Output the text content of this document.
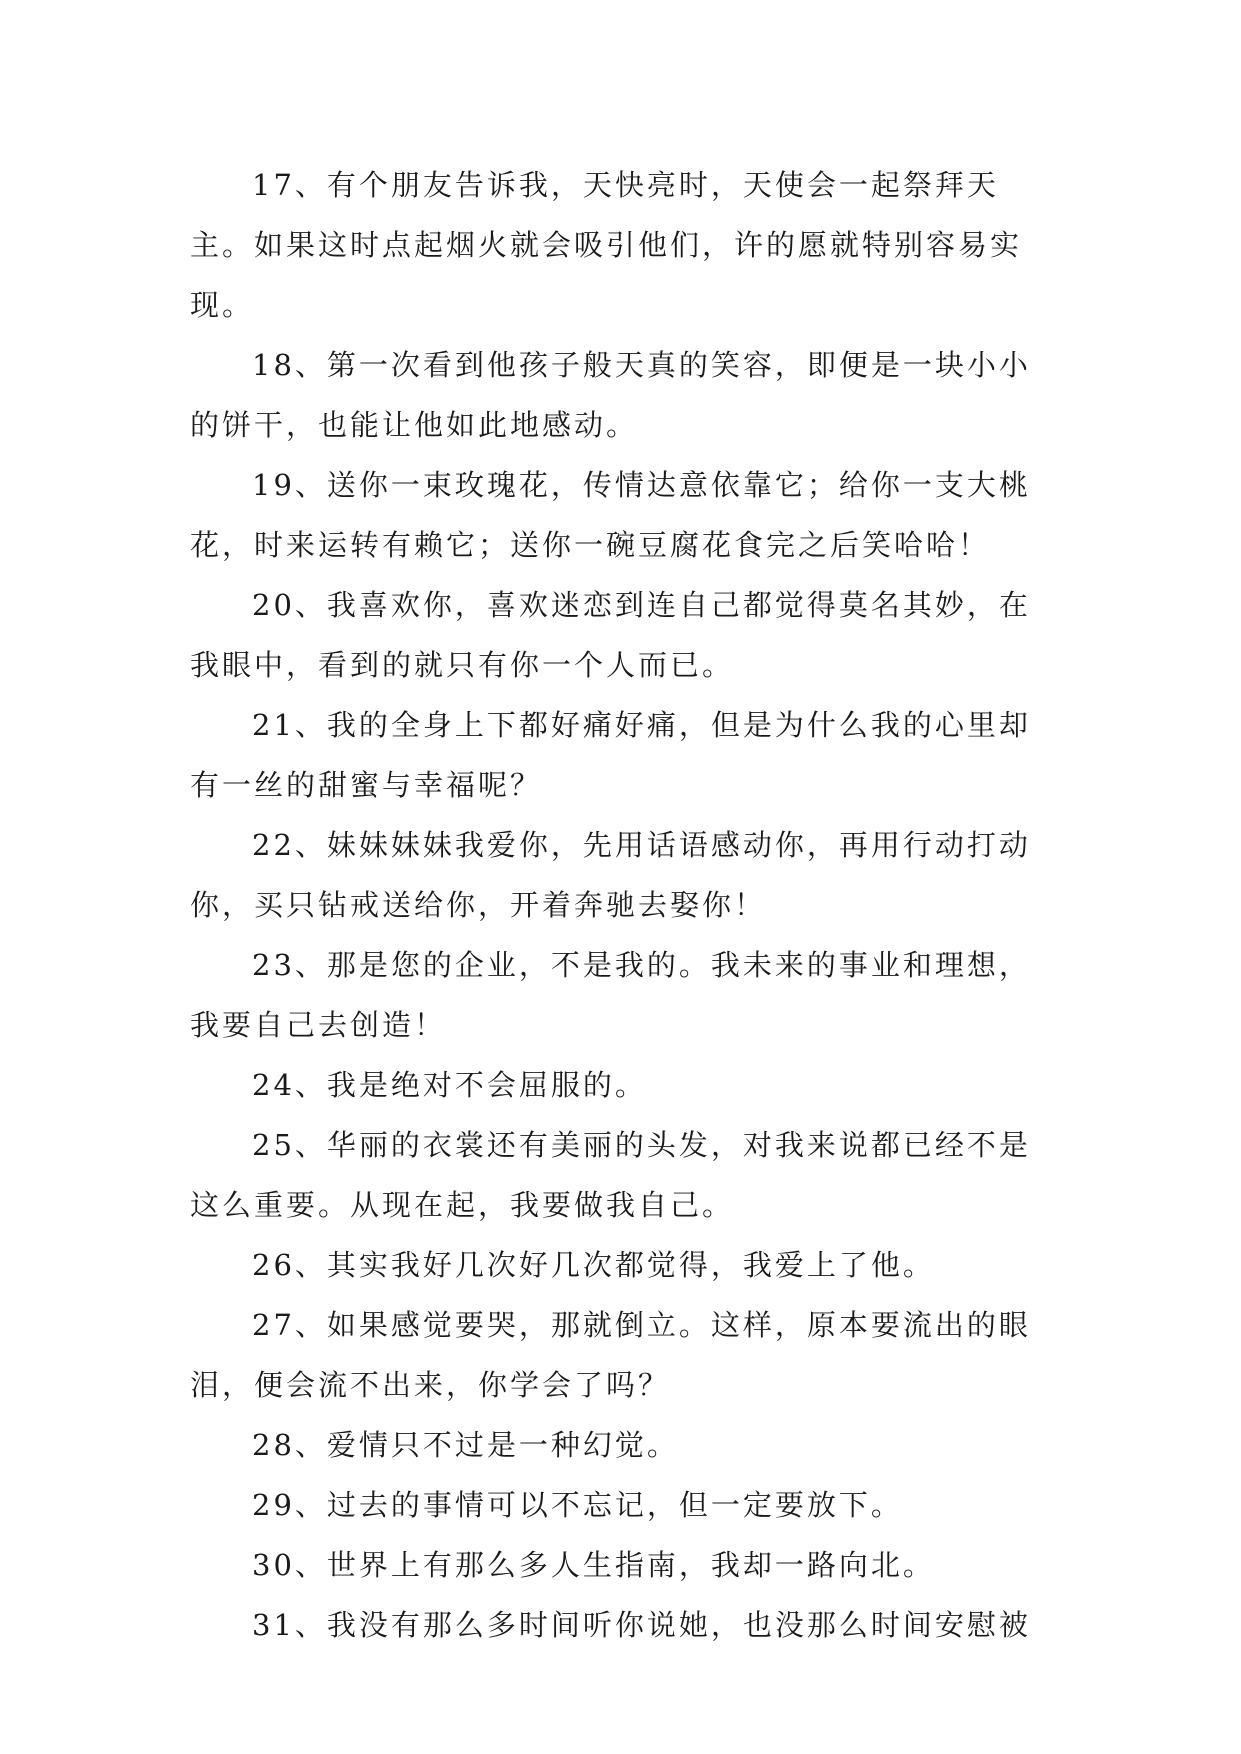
17、有个朋友告诉我，天快亮时，天使会一起祭拜天主。如果这时点起烟火就会吸引他们，许的愿就特别容易实现。

18、第一次看到他孩子般天真的笑容，即便是一块小小的饼干，也能让他如此地感动。

19、送你一束玫瑰花，传情达意依靠它；给你一支大桃花，时来运转有赖它；送你一碗豆腐花食完之后笑哈哈！

20、我喜欢你，喜欢迷恋到连自己都觉得莫名其妙，在我眼中，看到的就只有你一个人而已。

21、我的全身上下都好痛好痛，但是为什么我的心里却有一丝的甜蜜与幸福呢？

22、妹妹妹妹我爱你，先用话语感动你，再用行动打动你，买只钻戒送给你，开着奔驰去娶你！

23、那是您的企业，不是我的。我未来的事业和理想，我要自己去创造！

24、我是绝对不会屈服的。

25、华丽的衣裳还有美丽的头发，对我来说都已经不是这么重要。从现在起，我要做我自己。

26、其实我好几次好几次都觉得，我爱上了他。

27、如果感觉要哭，那就倒立。这样，原本要流出的眼泪，便会流不出来，你学会了吗？

28、爱情只不过是一种幻觉。

29、过去的事情可以不忘记，但一定要放下。

30、世界上有那么多人生指南，我却一路向北。

31、我没有那么多时间听你说她，也没那么时间安慰被
